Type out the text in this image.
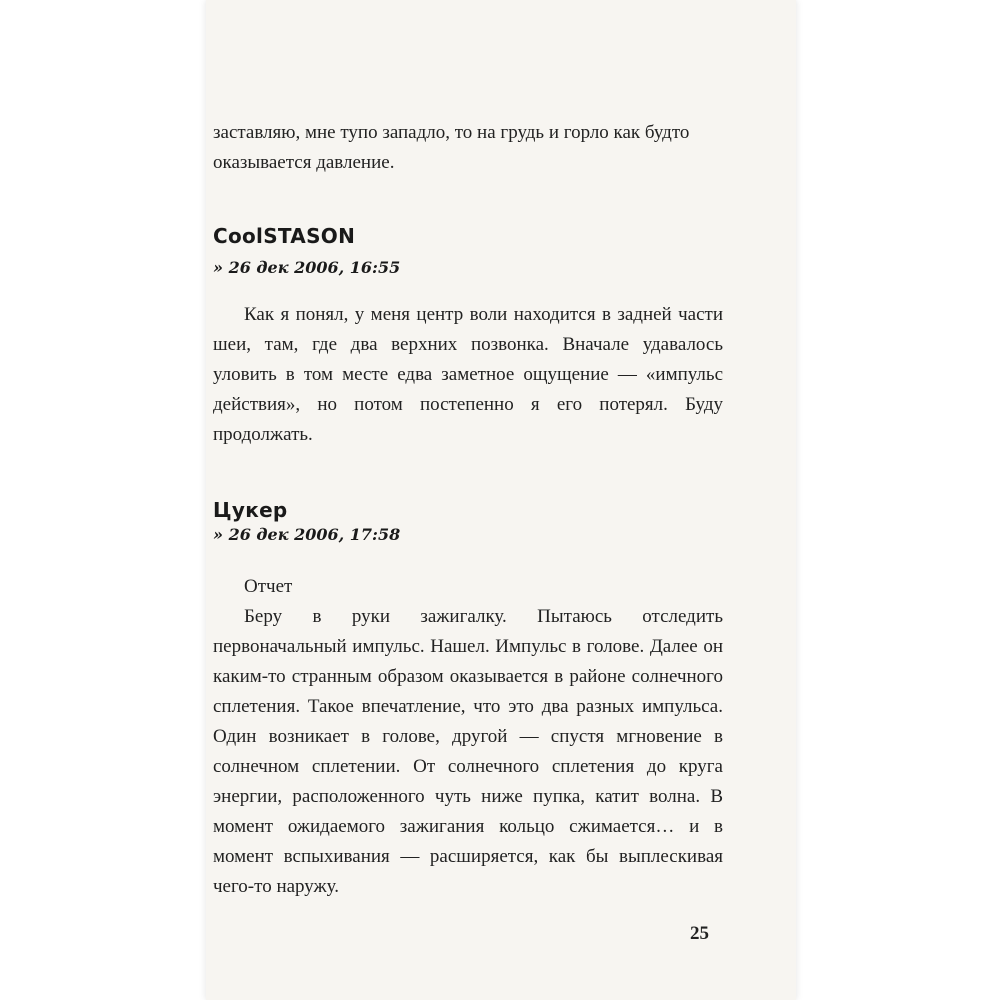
заставляю, мне тупо западло, то на грудь и горло как будто

оказывается давление.

CoolSTASON
» 26 дек 2006, 16:55

Как я понял, у меня центр воли находится в задней части шеи, там, где два верхних позвонка. Вначале удавалось уловить в том месте едва заметное ощущение — «импульс действия», но потом постепенно я его потерял. Буду продолжать.

Цукер
» 26 дек 2006, 17:58

Отчет

Беру в руки зажигалку. Пытаюсь отследить первоначальный импульс. Нашел. Импульс в голове. Далее он каким-то странным образом оказывается в районе солнечного сплетения. Такое впечатление, что это два разных импульса. Один возникает в голове, другой — спустя мгновение в солнечном сплетении. От солнечного сплетения до круга энергии, расположенного чуть ниже пупка, катит волна. В момент ожидаемого зажигания кольцо сжимается… и в момент вспыхивания — расширяется, как бы выплескивая чего-то наружу.

25
